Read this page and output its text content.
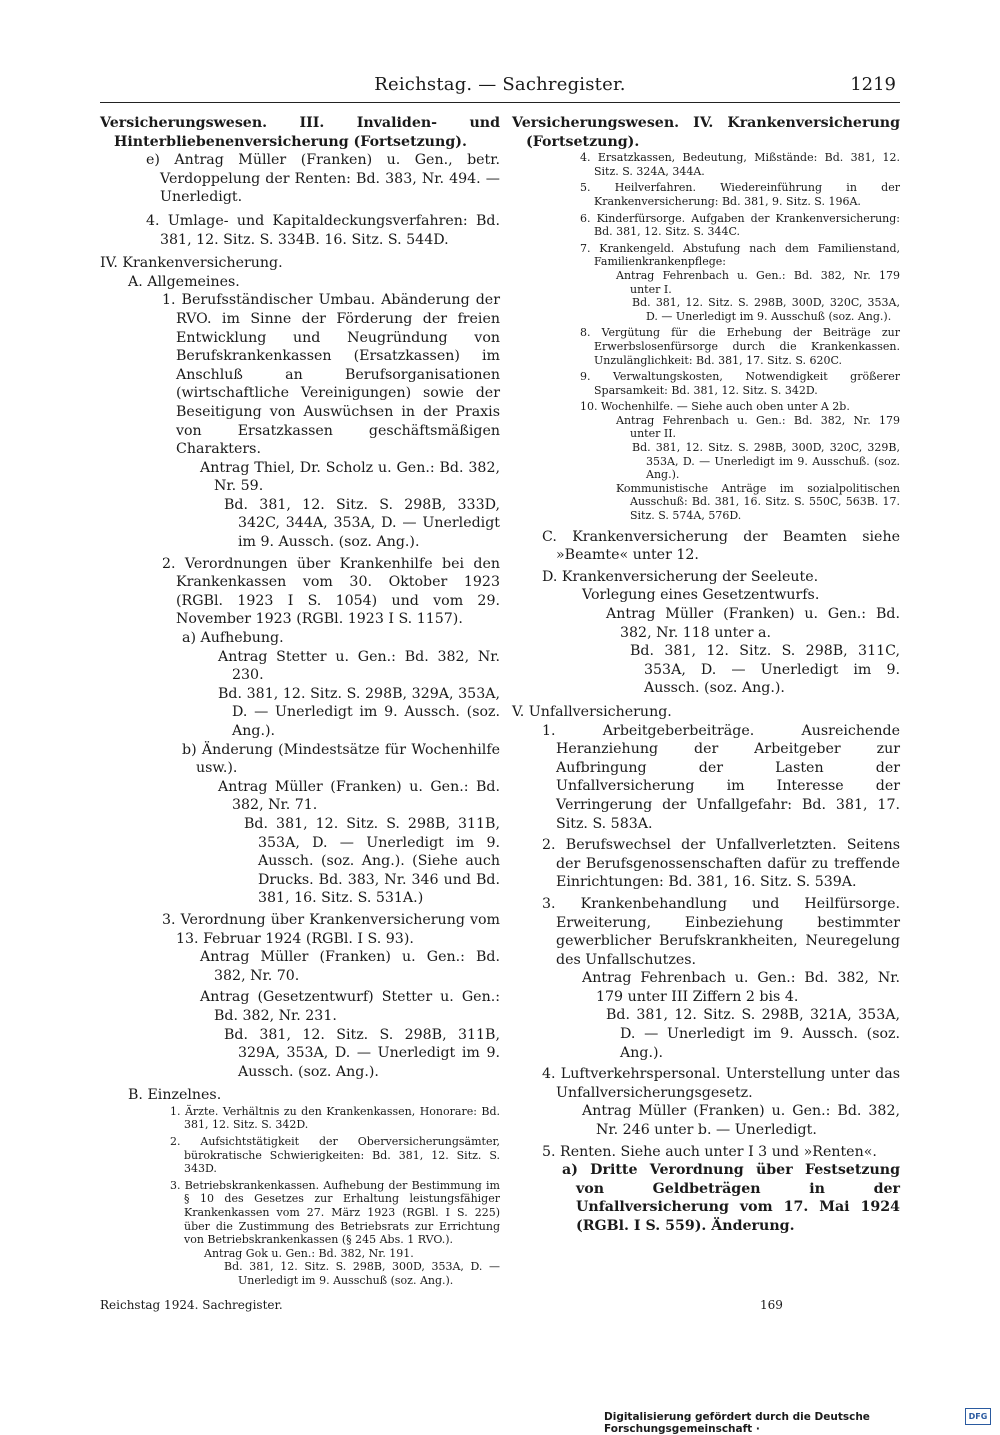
Reichstag. — Sachregister.	1219

Versicherungswesen. III. Invaliden- und Hinterbliebenenversicherung (Fortsetzung).

e) Antrag Müller (Franken) u. Gen., betr. Verdoppelung der Renten: Bd. 383, Nr. 494. — Unerledigt.

4. Umlage- und Kapitaldeckungsverfahren: Bd. 381, 12. Sitz. S. 334B. 16. Sitz. S. 544D.

IV. Krankenversicherung.

A. Allgemeines.

1. Berufsständischer Umbau. Abänderung der RVO. im Sinne der Förderung der freien Entwicklung und Neugründung von Berufskrankenkassen (Ersatzkassen) im Anschluß an Berufsorganisationen (wirtschaftliche Vereinigungen) sowie der Beseitigung von Auswüchsen in der Praxis von Ersatzkassen geschäftsmäßigen Charakters.

Antrag Thiel, Dr. Scholz u. Gen.: Bd. 382, Nr. 59.

Bd. 381, 12. Sitz. S. 298B, 333D, 342C, 344A, 353A, D. — Unerledigt im 9. Aussch. (soz. Ang.).

2. Verordnungen über Krankenhilfe bei den Krankenkassen vom 30. Oktober 1923 (RGBl. 1923 I S. 1054) und vom 29. November 1923 (RGBl. 1923 I S. 1157).

a) Aufhebung.

Antrag Stetter u. Gen.: Bd. 382, Nr. 230.

Bd. 381, 12. Sitz. S. 298B, 329A, 353A, D. — Unerledigt im 9. Aussch. (soz. Ang.).

b) Änderung (Mindestsätze für Wochenhilfe usw.).

Antrag Müller (Franken) u. Gen.: Bd. 382, Nr. 71.

Bd. 381, 12. Sitz. S. 298B, 311B, 353A, D. — Unerledigt im 9. Aussch. (soz. Ang.). (Siehe auch Drucks. Bd. 383, Nr. 346 und Bd. 381, 16. Sitz. S. 531A.)

3. Verordnung über Krankenversicherung vom 13. Februar 1924 (RGBl. I S. 93).

Antrag Müller (Franken) u. Gen.: Bd. 382, Nr. 70.

Antrag (Gesetzentwurf) Stetter u. Gen.: Bd. 382, Nr. 231.

Bd. 381, 12. Sitz. S. 298B, 311B, 329A, 353A, D. — Unerledigt im 9. Aussch. (soz. Ang.).

B. Einzelnes.

1. Ärzte. Verhältnis zu den Krankenkassen, Honorare: Bd. 381, 12. Sitz. S. 342D.

2. Aufsichtstätigkeit der Oberversicherungsämter, bürokratische Schwierigkeiten: Bd. 381, 12. Sitz. S. 343D.

3. Betriebskrankenkassen. Aufhebung der Bestimmung im § 10 des Gesetzes zur Erhaltung leistungsfähiger Krankenkassen vom 27. März 1923 (RGBl. I S. 225) über die Zustimmung des Betriebsrats zur Errichtung von Betriebskrankenkassen (§ 245 Abs. 1 RVO.).

Antrag Gok u. Gen.: Bd. 382, Nr. 191.

Bd. 381, 12. Sitz. S. 298B, 300D, 353A, D. — Unerledigt im 9. Ausschuß (soz. Ang.).

Versicherungswesen. IV. Krankenversicherung (Fortsetzung).

4. Ersatzkassen, Bedeutung, Mißstände: Bd. 381, 12. Sitz. S. 324A, 344A.

5. Heilverfahren. Wiedereinführung in der Krankenversicherung: Bd. 381, 9. Sitz. S. 196A.

6. Kinderfürsorge. Aufgaben der Krankenversicherung: Bd. 381, 12. Sitz. S. 344C.

7. Krankengeld. Abstufung nach dem Familienstand, Familienkrankenpflege:

Antrag Fehrenbach u. Gen.: Bd. 382, Nr. 179 unter I.

Bd. 381, 12. Sitz. S. 298B, 300D, 320C, 353A, D. — Unerledigt im 9. Ausschuß (soz. Ang.).

8. Vergütung für die Erhebung der Beiträge zur Erwerbslosenfürsorge durch die Krankenkassen. Unzulänglichkeit: Bd. 381, 17. Sitz. S. 620C.

9. Verwaltungskosten, Notwendigkeit größerer Sparsamkeit: Bd. 381, 12. Sitz. S. 342D.

10. Wochenhilfe. — Siehe auch oben unter A 2b.

Antrag Fehrenbach u. Gen.: Bd. 382, Nr. 179 unter II.

Bd. 381, 12. Sitz. S. 298B, 300D, 320C, 329B, 353A, D. — Unerledigt im 9. Ausschuß. (soz. Ang.).

Kommunistische Anträge im sozialpolitischen Ausschuß: Bd. 381, 16. Sitz. S. 550C, 563B. 17. Sitz. S. 574A, 576D.

C. Krankenversicherung der Beamten siehe »Beamte« unter 12.

D. Krankenversicherung der Seeleute.

Vorlegung eines Gesetzentwurfs.

Antrag Müller (Franken) u. Gen.: Bd. 382, Nr. 118 unter a.

Bd. 381, 12. Sitz. S. 298B, 311C, 353A, D. — Unerledigt im 9. Aussch. (soz. Ang.).

V. Unfallversicherung.

1. Arbeitgeberbeiträge. Ausreichende Heranziehung der Arbeitgeber zur Aufbringung der Lasten der Unfallversicherung im Interesse der Verringerung der Unfallgefahr: Bd. 381, 17. Sitz. S. 583A.

2. Berufswechsel der Unfallverletzten. Seitens der Berufsgenossenschaften dafür zu treffende Einrichtungen: Bd. 381, 16. Sitz. S. 539A.

3. Krankenbehandlung und Heilfürsorge. Erweiterung, Einbeziehung bestimmter gewerblicher Berufskrankheiten, Neuregelung des Unfallschutzes.

Antrag Fehrenbach u. Gen.: Bd. 382, Nr. 179 unter III Ziffern 2 bis 4.

Bd. 381, 12. Sitz. S. 298B, 321A, 353A, D. — Unerledigt im 9. Aussch. (soz. Ang.).

4. Luftverkehrspersonal. Unterstellung unter das Unfallversicherungsgesetz.

Antrag Müller (Franken) u. Gen.: Bd. 382, Nr. 246 unter b. — Unerledigt.

5. Renten. Siehe auch unter I 3 und »Renten«.

a) Dritte Verordnung über Festsetzung von Geldbeträgen in der Unfallversicherung vom 17. Mai 1924 (RGBl. I S. 559). Änderung.

Reichstag 1924. Sachregister.	169
Digitalisierung gefördert durch die Deutsche Forschungsgemeinschaft ·
DFG
